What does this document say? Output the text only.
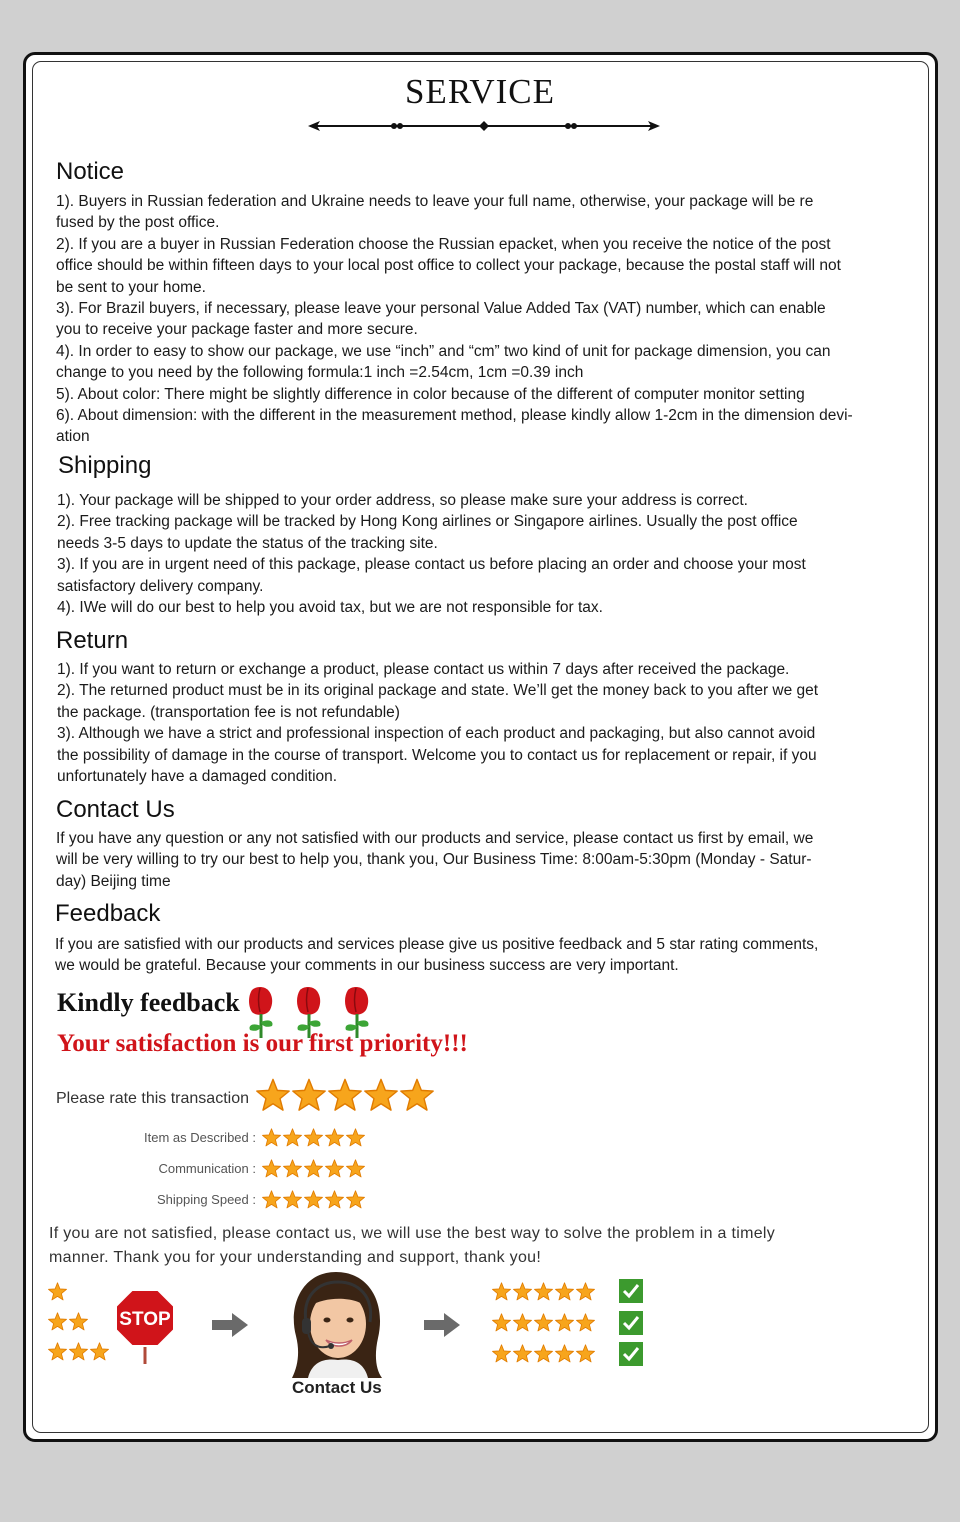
SERVICE
Notice
1). Buyers in Russian federation and Ukraine needs to leave your full name, otherwise, your package will be re
fused by the post office.
2). If you are a buyer in Russian Federation choose the Russian epacket, when you receive the notice of the post
office should be within fifteen days to your local post office to collect your package, because the postal staff will not
be sent to your home.
3). For Brazil buyers, if necessary, please leave your personal Value Added Tax (VAT) number, which can enable
you to receive your package faster and more secure.
4). In order to easy to show our package, we use “inch” and “cm” two kind of unit for package dimension, you can
change to you need by the following formula:1 inch =2.54cm, 1cm =0.39 inch
5). About color: There might be slightly difference in color because of the different of computer monitor setting
6). About dimension: with the different in the measurement method, please kindly allow 1-2cm in the dimension devi-
ation
Shipping
1). Your package will be shipped to your order address, so please make sure your address is correct.
2). Free tracking package will be tracked by Hong Kong airlines or Singapore airlines. Usually the post office
needs 3-5 days to update the status of the tracking site.
3). If you are in urgent need of this package, please contact us before placing an order and choose your most
satisfactory delivery company.
4). IWe will do our best to help you avoid tax, but we are not responsible for tax.
Return
1). If you want to return or exchange a product, please contact us within 7 days after received the package.
2). The returned product must be in its original package and state. We’ll get the money back to you after we get
the package. (transportation fee is not refundable)
3). Although we have a strict and professional inspection of each product and packaging, but also cannot avoid
the possibility of damage in the course of transport. Welcome you to contact us for replacement or repair, if you
unfortunately have a damaged condition.
Contact Us
If you have any question or any not satisfied with our products and service, please contact us first by email, we
will be very willing to try our best to help you, thank you, Our Business Time: 8:00am-5:30pm (Monday - Satur-
day) Beijing time
Feedback
If you are satisfied with our products and services please give us positive feedback and 5 star rating comments,
we would be grateful. Because your comments in our business success are very important.
Kindly feedback
Your satisfaction is our first priority!!!
Please rate this transaction
Item as Described :
Communication :
Shipping Speed :
If you are not satisfied, please contact us, we will use the best way to solve the problem in a timely
manner. Thank you for your understanding and support, thank you!
STOP
Contact Us
